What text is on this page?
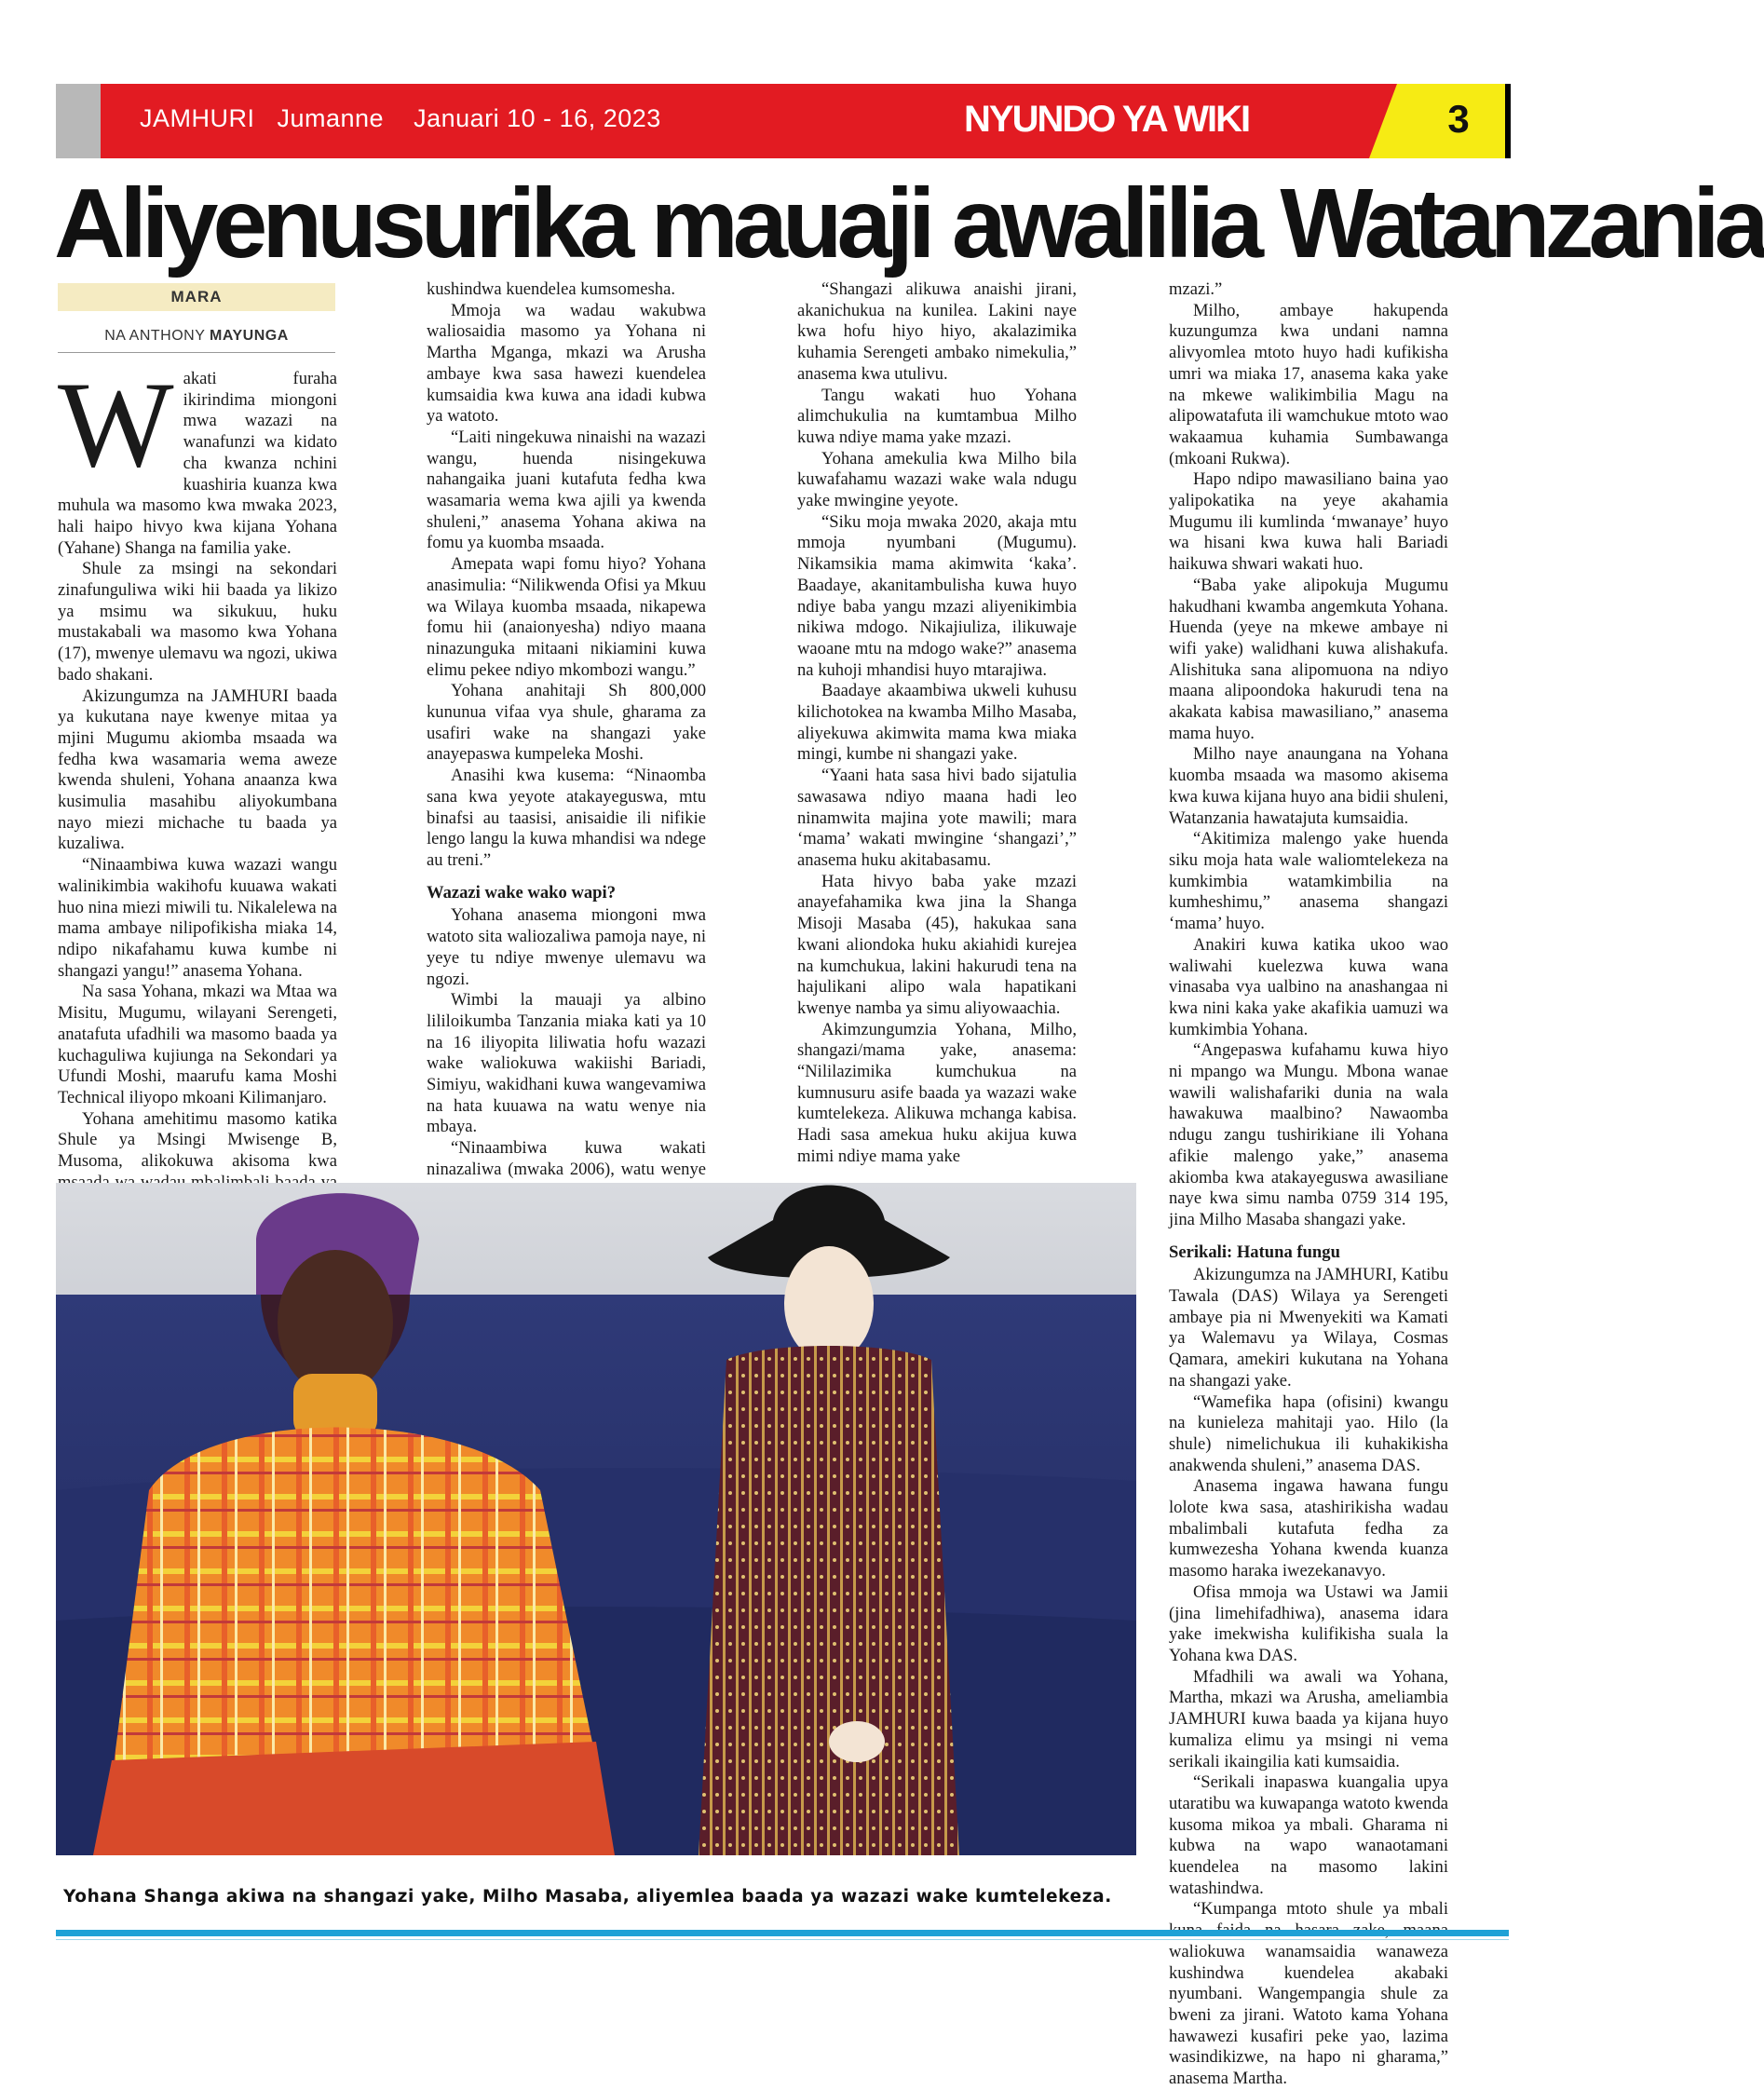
JAMHURI   Jumanne    Januari 10 - 16, 2023	NYUNDO YA WIKI	3
Aliyenusurika mauaji awalilia Watanzania
MARA
NA ANTHONY MAYUNGA

Wakati furaha ikirindima miongoni mwa wazazi na wanafunzi wa kidato cha kwanza nchini kuashiria kuanza kwa muhula wa masomo kwa mwaka 2023, hali haipo hivyo kwa kijana Yohana (Yahane) Shanga na familia yake.

Shule za msingi na sekondari zinafunguliwa wiki hii baada ya likizo ya msimu wa sikukuu, huku mustakabali wa masomo kwa Yohana (17), mwenye ulemavu wa ngozi, ukiwa bado shakani.

Akizungumza na JAMHURI baada ya kukutana naye kwenye mitaa ya mjini Mugumu akiomba msaada wa fedha kwa wasamaria wema aweze kwenda shuleni, Yohana anaanza kwa kusimulia masahibu aliyokumbana nayo miezi michache tu baada ya kuzaliwa.

“Ninaambiwa kuwa wazazi wangu walinikimbia wakihofu kuuawa wakati huo nina miezi miwili tu. Nikalelewa na mama ambaye nilipofikisha miaka 14, ndipo nikafahamu kuwa kumbe ni shangazi yangu!” anasema Yohana.

Na sasa Yohana, mkazi wa Mtaa wa Misitu, Mugumu, wilayani Serengeti, anatafuta ufadhili wa masomo baada ya kuchaguliwa kujiunga na Sekondari ya Ufundi Moshi, maarufu kama Moshi Technical iliyopo mkoani Kilimanjaro.

Yohana amehitimu masomo katika Shule ya Msingi Mwisenge B, Musoma, alikokuwa akisoma kwa

kushindwa kuendelea kumsomesha.

Mmoja wa wadau wakubwa waliosaidia masomo ya Yohana ni Martha Mganga, mkazi wa Arusha ambaye kwa sasa hawezi kuendelea kumsaidia kwa kuwa ana idadi kubwa ya watoto.

“Laiti ningekuwa ninaishi na wazazi wangu, huenda nisingekuwa nahangaika juani kutafuta fedha kwa wasamaria wema kwa ajili ya kwenda shuleni,” anasema Yohana akiwa na fomu ya kuomba msaada.

Amepata wapi fomu hiyo? Yohana anasimulia: “Nilikwenda Ofisi ya Mkuu wa Wilaya kuomba msaada, nikapewa fomu hii (anaionyesha) ndiyo maana ninazunguka mitaani nikiamini kuwa elimu pekee ndiyo mkombozi wangu.”

Yohana anahitaji Sh 800,000 kununua vifaa vya shule, gharama za usafiri wake na shangazi yake anayepaswa kumpeleka Moshi.

Anasihi kwa kusema: “Ninaomba sana kwa yeyote atakayeguswa, mtu binafsi au taasisi, anisaidie ili nifikie lengo langu la kuwa mhandisi wa ndege au treni.”

Wazazi wake wako wapi?

Yohana anasema miongoni mwa watoto sita waliozaliwa pamoja naye, ni yeye tu ndiye mwenye ulemavu wa ngozi.

Wimbi la mauaji ya albino lililoikumba Tanzania miaka kati ya 10 na 16 iliyopita liliwatia hofu wazazi wake waliokuwa wakiishi Bariadi, Simiyu, wakidhani kuwa wangevamiwa na hata kuuawa na watu wenye nia mbaya.

“Ninaambiwa kuwa wakati ninazaliwa (mwaka 2006), watu wenye

“Shangazi alikuwa anaishi jirani, akanichukua na kunilea. Lakini naye kwa hofu hiyo hiyo, akalazimika kuhamia Serengeti ambako nimekulia,” anasema kwa utulivu.

Tangu wakati huo Yohana alimchukulia na kumtambua Milho kuwa ndiye mama yake mzazi.

Yohana amekulia kwa Milho bila kuwafahamu wazazi wake wala ndugu yake mwingine yeyote.

“Siku moja mwaka 2020, akaja mtu mmoja nyumbani (Mugumu). Nikamsikia mama akimwita ‘kaka’. Baadaye, akanitambulisha kuwa huyo ndiye baba yangu mzazi aliyenikimbia nikiwa mdogo. Nikajiuliza, ilikuwaje waoane mtu na mdogo wake?” anasema na kuhoji mhandisi huyo mtarajiwa.

Baadaye akaambiwa ukweli kuhusu kilichotokea na kwamba Milho Masaba, aliyekuwa akimwita mama kwa miaka mingi, kumbe ni shangazi yake.

“Yaani hata sasa hivi bado sijatulia sawasawa ndiyo maana hadi leo ninamwita majina yote mawili; mara ‘mama’ wakati mwingine ‘shangazi’,” anasema huku akitabasamu.

Hata hivyo baba yake mzazi anayefahamika kwa jina la Shanga Misoji Masaba (45), hakukaa sana kwani aliondoka huku akiahidi kurejea na kumchukua, lakini hakurudi tena na hajulikani alipo wala hapatikani kwenye namba ya simu aliyowaachia.

Akimzungumzia Yohana, Milho, shangazi/mama yake, anasema: “Nililazimika kumchukua na kumnusuru asife baada ya wazazi wake kumtelekeza. Alikuwa mchanga kabisa. Hadi sasa amekua huku akijua kuwa mimi ndiye mama yake

mzazi.”

Milho, ambaye hakupenda kuzungumza kwa undani namna alivyomlea mtoto huyo hadi kufikisha umri wa miaka 17, anasema kaka yake na mkewe walikimbilia Magu na alipowatafuta ili wamchukue mtoto wao wakaamua kuhamia Sumbawanga (mkoani Rukwa).

Hapo ndipo mawasiliano baina yao yalipokatika na yeye akahamia Mugumu ili kumlinda ‘mwanaye’ huyo wa hisani kwa kuwa hali Bariadi haikuwa shwari wakati huo.

“Baba yake alipokuja Mugumu hakudhani kwamba angemkuta Yohana. Huenda (yeye na mkewe ambaye ni wifi yake) walidhani kuwa alishakufa. Alishituka sana alipomuona na ndiyo maana alipoondoka hakurudi tena na akakata kabisa mawasiliano,” anasema mama huyo.

Milho naye anaungana na Yohana kuomba msaada wa masomo akisema kwa kuwa kijana huyo ana bidii shuleni, Watanzania hawatajuta kumsaidia.

“Akitimiza malengo yake huenda siku moja hata wale waliomtelekeza na kumkimbia watamkimbilia na kumheshimu,” anasema shangazi ‘mama’ huyo.

Anakiri kuwa katika ukoo wao waliwahi kuelezwa kuwa wana vinasaba vya ualbino na anashangaa ni kwa nini kaka yake akafikia uamuzi wa kumkimbia Yohana.

“Angepaswa kufahamu kuwa hiyo ni mpango wa Mungu. Mbona wanae wawili walishafariki dunia na wala hawakuwa maalbino? Nawaomba ndugu zangu tushirikiane ili Yohana afikie malengo yake,” anasema akiomba kwa atakayeguswa awasiliane naye kwa simu namba 0759 314 195, jina Milho Masaba shangazi yake.

Serikali: Hatuna fungu

Akizungumza na JAMHURI, Katibu Tawala (DAS) Wilaya ya Serengeti ambaye pia ni Mwenyekiti wa Kamati ya Walemavu ya Wilaya, Cosmas Qamara, amekiri kukutana na Yohana na shangazi yake.

“Wamefika hapa (ofisini) kwangu na kunieleza mahitaji yao. Hilo (la shule) nimelichukua ili kuhakikisha anakwenda shuleni,” anasema DAS.

Anasema ingawa hawana fungu lolote kwa sasa, atashirikisha wadau mbalimbali kutafuta fedha za kumwezesha Yohana kwenda kuanza masomo haraka iwezekanavyo.

Ofisa mmoja wa Ustawi wa Jamii (jina limehifadhiwa), anasema idara yake imekwisha kulifikisha suala la Yohana kwa DAS.

Mfadhili wa awali wa Yohana, Martha, mkazi wa Arusha, ameliambia JAMHURI kuwa baada ya kijana huyo kumaliza elimu ya msingi ni vema serikali ikaingilia kati kumsaidia.

“Serikali inapaswa kuangalia upya utaratibu wa kuwapanga watoto kwenda kusoma mikoa ya mbali. Gharama ni kubwa na wapo wanaotamani kuendelea na masomo lakini watashindwa.

“Kumpanga mtoto shule ya mbali waliokuwa wanamsaidia wanaweza kushindwa kuendelea akabaki nyumbani. Wangempangia shule za bweni za jirani. Watoto kama Yohana hawawezi kusafiri peke yao, lazima wasindikizwe, na hapo ni gharama,” anasema Martha.

Yohana Shanga akiwa na shangazi yake, Milho Masaba, aliyemlea baada ya wazazi wake kumtelekeza.
